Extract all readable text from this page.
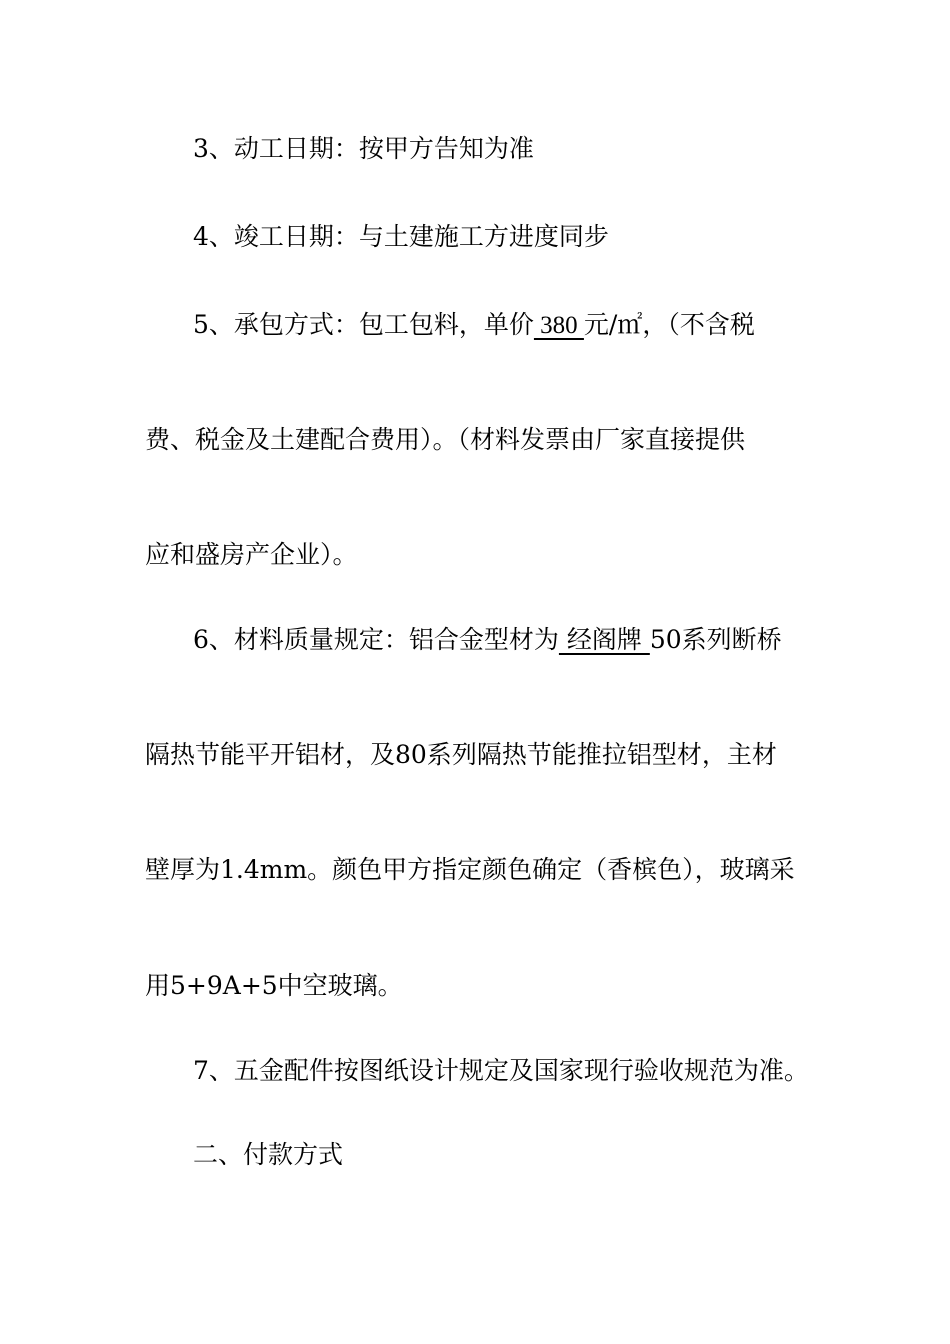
3、动工日期：按甲方告知为准
4、竣工日期：与土建施工方进度同步
5、承包方式：包工包料，单价 380 元/㎡，（不含税
费、税金及土建配合费用）。（材料发票由厂家直接提供
应和盛房产企业）。
6、材料质量规定：铝合金型材为 经阁牌 50系列断桥
隔热节能平开铝材，及80系列隔热节能推拉铝型材，主材
壁厚为1.4mm。颜色甲方指定颜色确定（香槟色），玻璃采
用5+9A+5中空玻璃。
7、五金配件按图纸设计规定及国家现行验收规范为准。
二、付款方式
